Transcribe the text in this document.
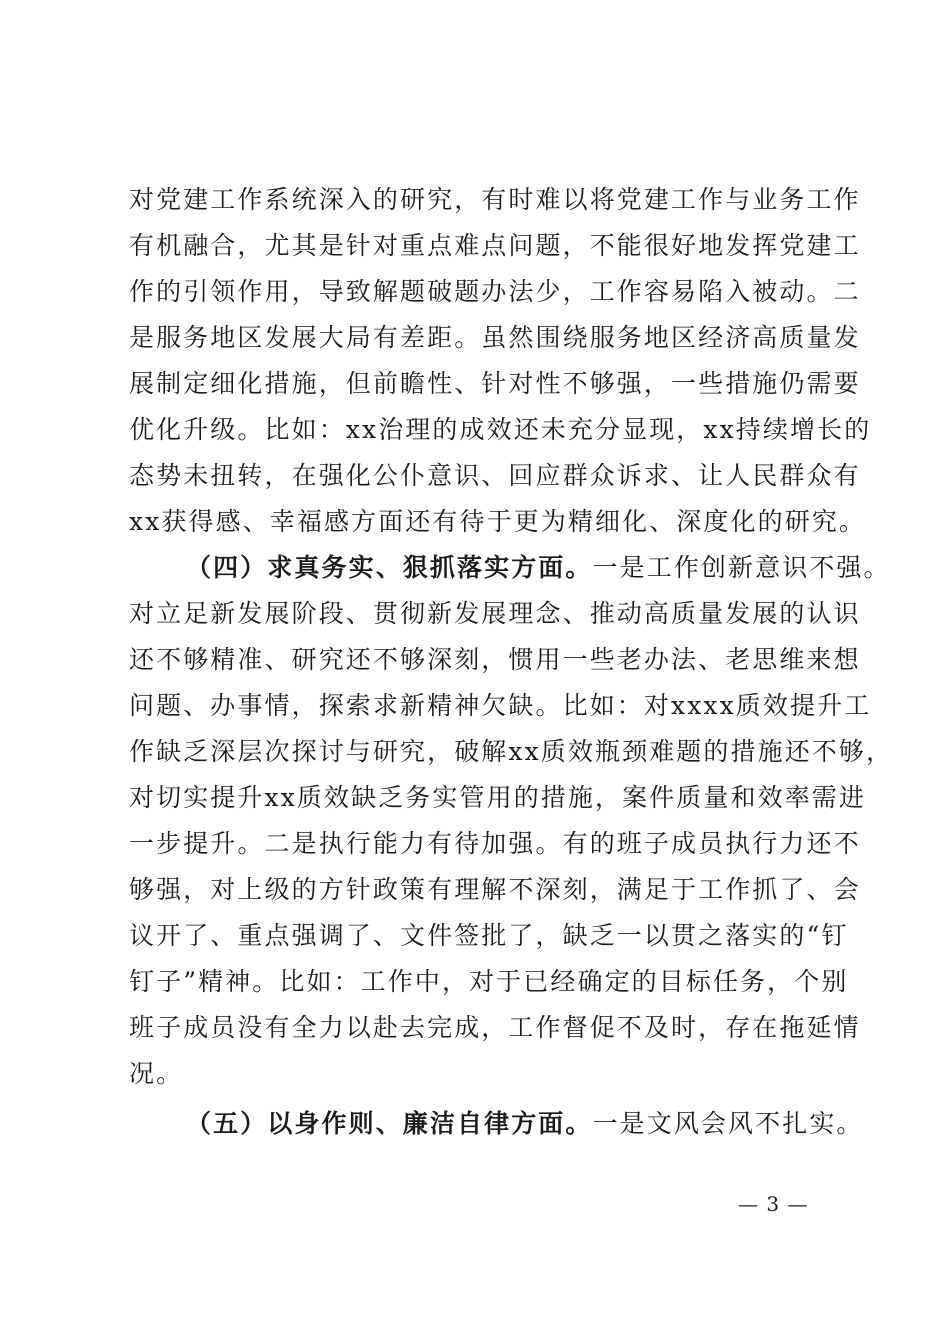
对党建工作系统深入的研究，有时难以将党建工作与业务工作
有机融合，尤其是针对重点难点问题，不能很好地发挥党建工
作的引领作用，导致解题破题办法少，工作容易陷入被动。二
是服务地区发展大局有差距。虽然围绕服务地区经济高质量发
展制定细化措施，但前瞻性、针对性不够强，一些措施仍需要
优化升级。比如：xx治理的成效还未充分显现，xx持续增长的
态势未扭转，在强化公仆意识、回应群众诉求、让人民群众有
xx获得感、幸福感方面还有待于更为精细化、深度化的研究。
（四）求真务实、狠抓落实方面。一是工作创新意识不强。
对立足新发展阶段、贯彻新发展理念、推动高质量发展的认识
还不够精准、研究还不够深刻，惯用一些老办法、老思维来想
问题、办事情，探索求新精神欠缺。比如：对xxxx质效提升工
作缺乏深层次探讨与研究，破解xx质效瓶颈难题的措施还不够，
对切实提升xx质效缺乏务实管用的措施，案件质量和效率需进
一步提升。二是执行能力有待加强。有的班子成员执行力还不
够强，对上级的方针政策有理解不深刻，满足于工作抓了、会
议开了、重点强调了、文件签批了，缺乏一以贯之落实的“钉
钉子”精神。比如：工作中，对于已经确定的目标任务，个别
班子成员没有全力以赴去完成，工作督促不及时，存在拖延情
况。
（五）以身作则、廉洁自律方面。一是文风会风不扎实。
— 3 —
